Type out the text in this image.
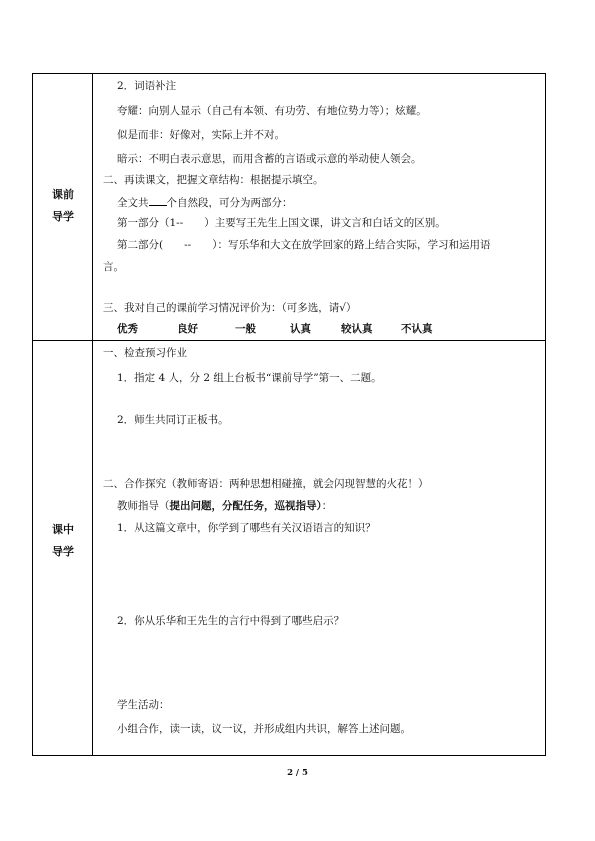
课前
导学
2．词语补注
夸耀：向别人显示（自己有本领、有功劳、有地位势力等）；炫耀。
似是而非：好像对，实际上并不对。
暗示：不明白表示意思，而用含蓄的言语或示意的举动使人领会。
二、再读课文，把握文章结构：根据提示填空。
全文共 个自然段，可分为两部分：
第一部分（1--　　）主要写王先生上国文课，讲文言和白话文的区别。
第二部分(　　--　　）：写乐华和大文在放学回家的路上结合实际，学习和运用语
言。
三、我对自己的课前学习情况评价为：（可多选，请√）
优秀	良好	一般	认真	较认真	不认真
课中
导学
一、检查预习作业
1．指定 4 人，分 2 组上台板书“课前导学”第一、二题。
2．师生共同订正板书。
二、合作探究（教师寄语：两种思想相碰撞，就会闪现智慧的火花！）
教师指导（提出问题，分配任务，巡视指导）：
1．从这篇文章中，你学到了哪些有关汉语语言的知识？
2．你从乐华和王先生的言行中得到了哪些启示？
学生活动：
小组合作，读一读，议一议，并形成组内共识，解答上述问题。
2 / 5
